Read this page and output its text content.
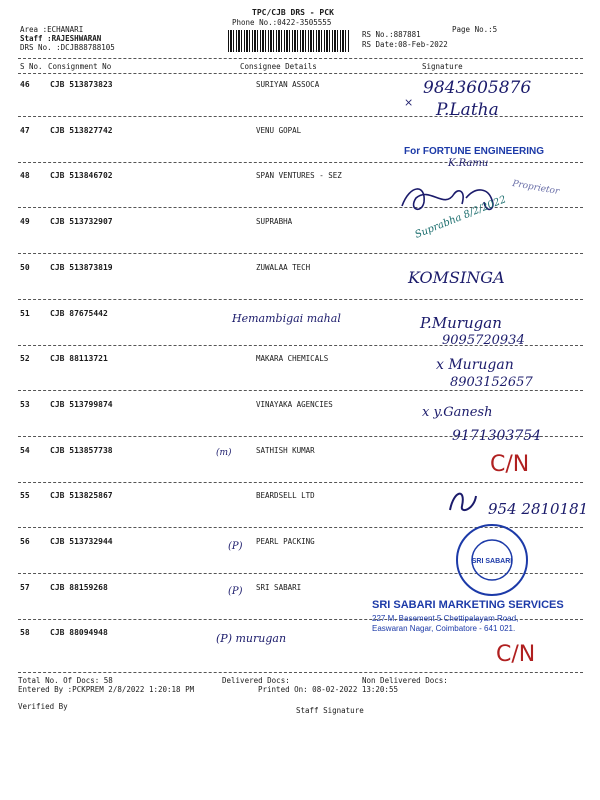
TPC/CJB DRS - PCK
Phone No.:0422-3505555
Area :ECHANARI
Staff :RAJESHWARAN
DRS No. :DCJB88788105
RS No.:887881
RS Date:08-Feb-2022
Page No.:5
S No. Consignment No	Consignee Details	Signature
46	CJB 513873823	SURIYAN ASSOCA
47	CJB 513827742	VENU GOPAL
48	CJB 513846702	SPAN VENTURES - SEZ
49	CJB 513732907	SUPRABHA
50	CJB 513873819	ZUWALAA TECH
51	CJB 87675442
52	CJB 88113721	MAKARA CHEMICALS
53	CJB 513799874	VINAYAKA AGENCIES
54	CJB 513857738	SATHISH KUMAR
55	CJB 513825867	BEARDSELL LTD
56	CJB 513732944	PEARL PACKING
57	CJB 88159268	SRI SABARI
58	CJB 88094948
9843605876
× P.Latha
For FORTUNE ENGINEERING
K.Ramu
Proprietor
Suprabha 8/2/2022
KOMSINGA
Hemambigai mahal	P.Murugan
9095720934
x Murugan
8903152657
x y.Ganesh
9171303754
(m)	C/N
954 2810181
SRI SABARI
(P)
(P)
SRI SABARI MARKETING SERVICES
227 M. Basement 5 Chettipalayam Road,
Easwaran Nagar, Coimbatore - 641 021.
(P) murugan
C/N
Total No. Of Docs: 58	Delivered Docs:	Non Delivered Docs:
Entered By :PCKPREM 2/8/2022 1:20:18 PM	Printed On: 08-02-2022 13:20:55
Verified By	Staff Signature
